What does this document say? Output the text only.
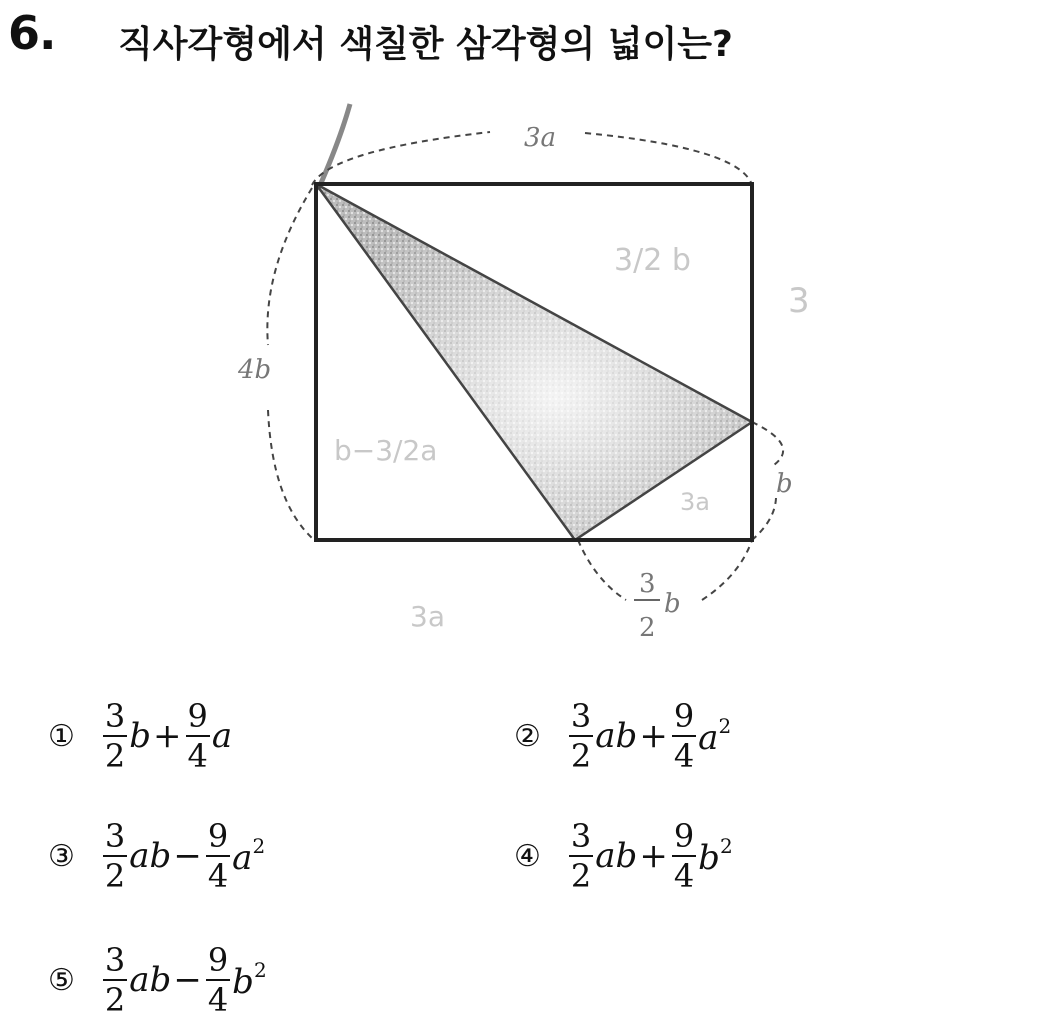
6. 직사각형에서 색칠한 삼각형의 넓이는?
3a
4b
b
3
2
b
3/2 b
3
b−3/2a
3a
3a
① $\frac{3}{2}$ $b + \frac{9}{4}$ a	② $\frac{3}{2}$ ab + $\frac{9}{4} a^2$
③ $\frac{3}{2}$ ab − $\frac{9}{4} a^2$	④ $\frac{3}{2}$ ab + $\frac{9}{4} b^2$
⑤ $\frac{3}{2}$ ab − $\frac{9}{4} b^2$
